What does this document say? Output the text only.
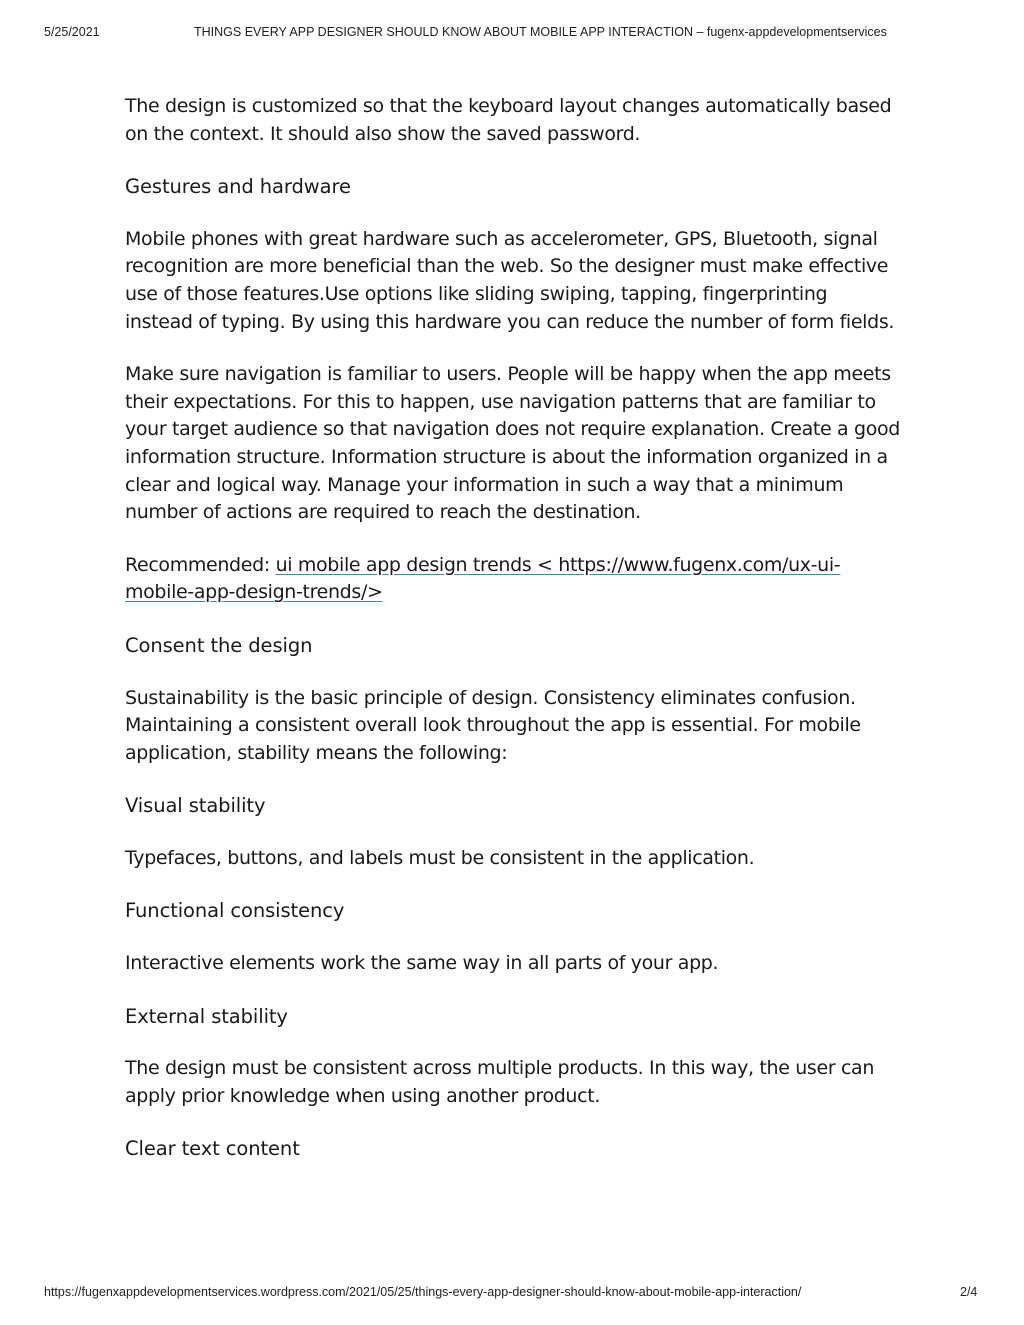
5/25/2021	THINGS EVERY APP DESIGNER SHOULD KNOW ABOUT MOBILE APP INTERACTION – fugenx-appdevelopmentservices

The design is customized so that the keyboard layout changes automatically based
on the context. It should also show the saved password.

Gestures and hardware

Mobile phones with great hardware such as accelerometer, GPS, Bluetooth, signal
recognition are more beneficial than the web. So the designer must make effective
use of those features.Use options like sliding swiping, tapping, fingerprinting
instead of typing. By using this hardware you can reduce the number of form fields.

Make sure navigation is familiar to users. People will be happy when the app meets
their expectations. For this to happen, use navigation patterns that are familiar to
your target audience so that navigation does not require explanation. Create a good
information structure. Information structure is about the information organized in a
clear and logical way. Manage your information in such a way that a minimum
number of actions are required to reach the destination.

Recommended: ui mobile app design trends < https://www.fugenx.com/ux-ui-
mobile-app-design-trends/>

Consent the design

Sustainability is the basic principle of design. Consistency eliminates confusion.
Maintaining a consistent overall look throughout the app is essential. For mobile
application, stability means the following:

Visual stability

Typefaces, buttons, and labels must be consistent in the application.

Functional consistency

Interactive elements work the same way in all parts of your app.

External stability

The design must be consistent across multiple products. In this way, the user can
apply prior knowledge when using another product.

Clear text content

https://fugenxappdevelopmentservices.wordpress.com/2021/05/25/things-every-app-designer-should-know-about-mobile-app-interaction/	2/4
